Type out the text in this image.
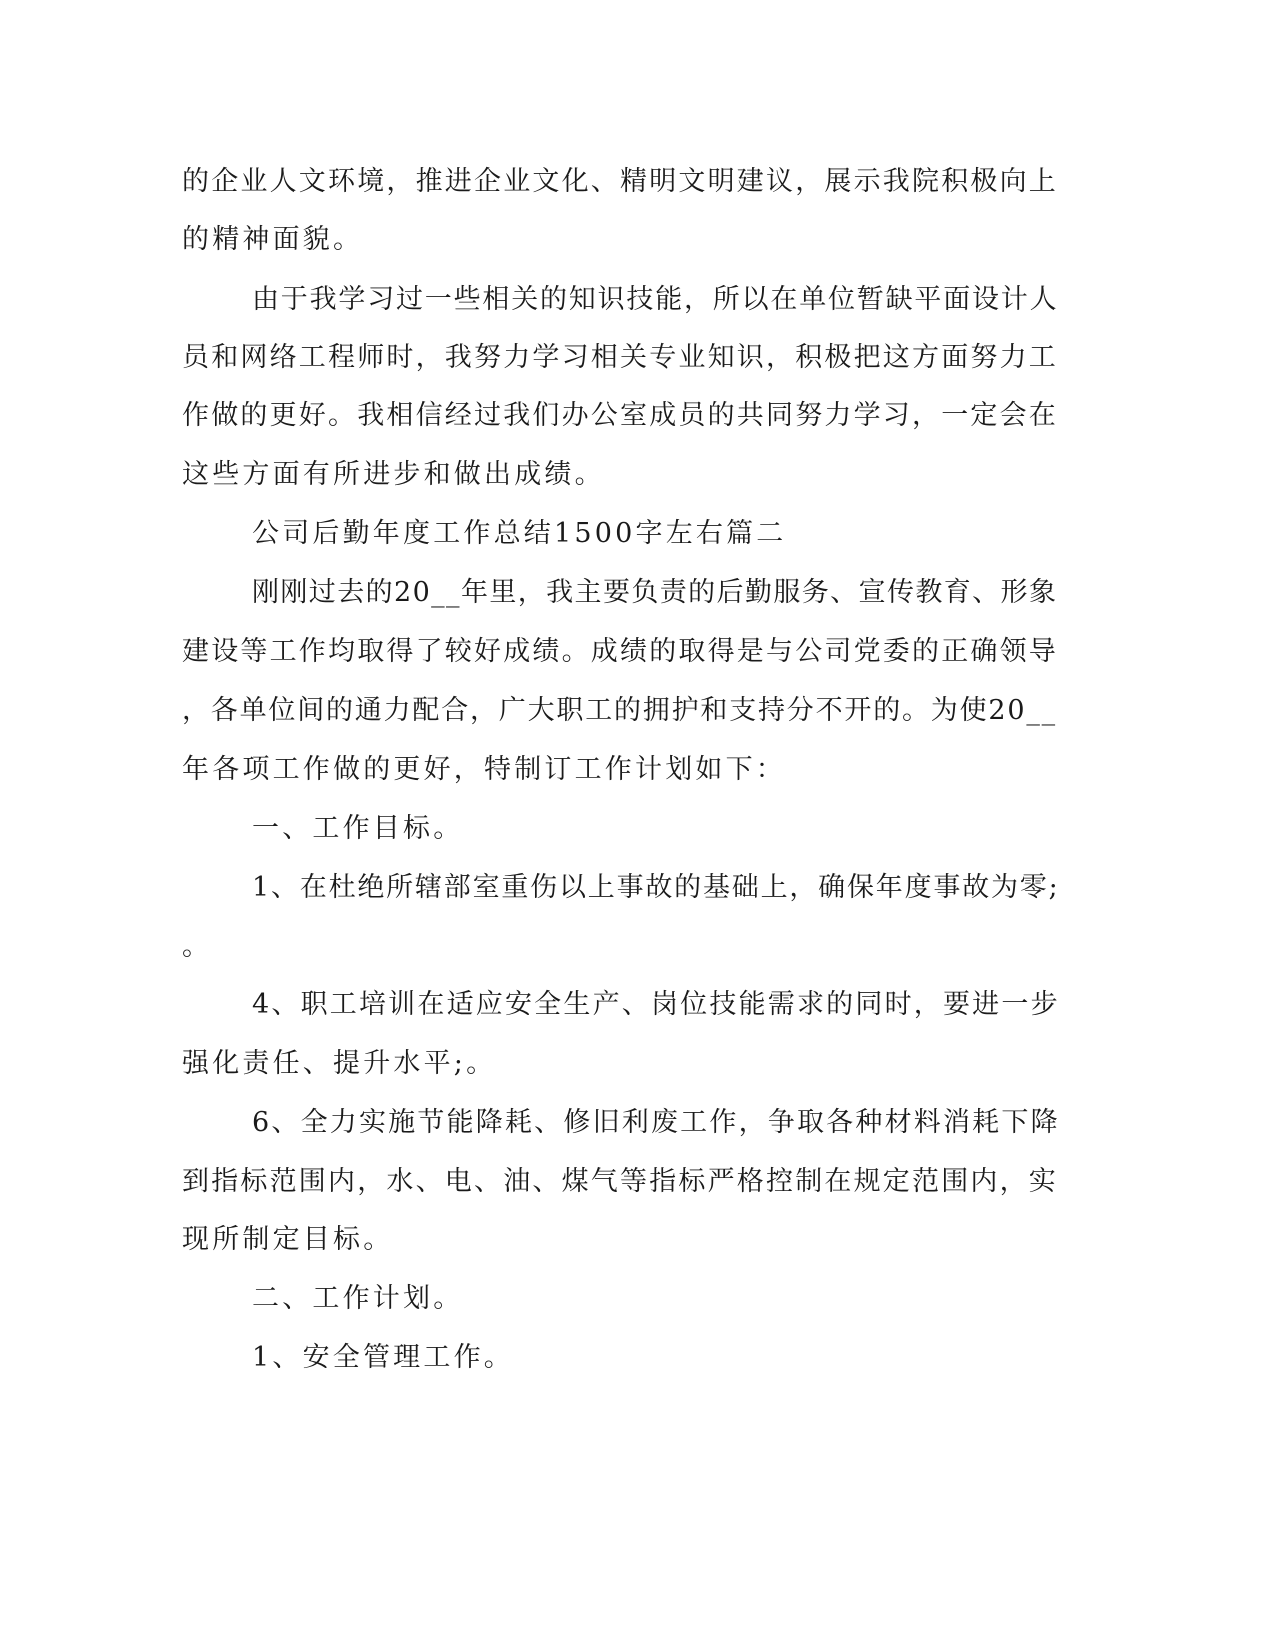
的企业人文环境，推进企业文化、精明文明建议，展示我院积极向上
的精神面貌。
由于我学习过一些相关的知识技能，所以在单位暂缺平面设计人
员和网络工程师时，我努力学习相关专业知识，积极把这方面努力工
作做的更好。我相信经过我们办公室成员的共同努力学习，一定会在
这些方面有所进步和做出成绩。
公司后勤年度工作总结1500字左右篇二
刚刚过去的20__年里，我主要负责的后勤服务、宣传教育、形象
建设等工作均取得了较好成绩。成绩的取得是与公司党委的正确领导
，各单位间的通力配合，广大职工的拥护和支持分不开的。为使20__
年各项工作做的更好，特制订工作计划如下：
一、工作目标。
1、在杜绝所辖部室重伤以上事故的基础上，确保年度事故为零;
。
4、职工培训在适应安全生产、岗位技能需求的同时，要进一步
强化责任、提升水平;。
6、全力实施节能降耗、修旧利废工作，争取各种材料消耗下降
到指标范围内，水、电、油、煤气等指标严格控制在规定范围内，实
现所制定目标。
二、工作计划。
1、安全管理工作。
